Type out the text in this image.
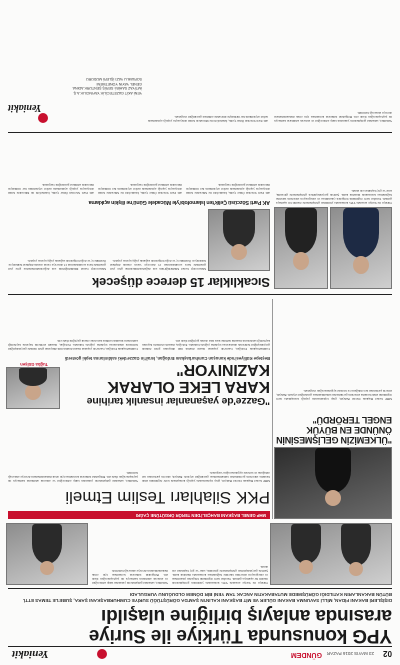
02
23 MAYIS 2016 PAZAR
GÜNDEM
Yeniakit
YPG konusunda Türkiye ile Suriye
arasında anlayış birliğine ulaşıldı
DIŞİŞLERİ BAKANI FİDAN, MİLLİ SAVUNMA BAKANI GÜLER VE MİT BAŞKANI KALIN'IN ŞAM'DA GÖRÜŞTÜĞÜ SURİYE CUMHURBAŞKANI ŞARA, ŞUBE'LE TEMAS ETTİ. BÜTÜN BAKANLARIN KATILDIĞI GÖRÜŞMEDE MUTABAKATIN ANCAK TAM YENİ BİR DÖNEM OLDUĞUNU VURGULADI
Türkiye ile Suriye arasında YPG konusunda yürütülen görüşmelerde önemli bir aşamaya gelindi. Taraflar terör örgütünün bölgeden çıkarılması ve entegrasyon sürecinin takvime bağlanması konusunda mutabık kaldı. Şam'da gerçekleştirilen görüşmelerde güvenlik, sınır ve göç başlıkları ele alındı.
Yetkililer, sahadaki gelişmelerin yakından takip edileceğini ve atılacak adımların kamuoyu ile paylaşılacağını ifade etti. Bölgedeki istikrarın korunması için ortak mekanizmaların devreye alınacağı belirtildi.
MHP GENEL BAŞKANI BAHÇELİ'DEN TERÖR ÖRGÜTÜNE ÇAĞRI
"ÜLKEMİZİN GELİŞMESİNİN ÖNÜNDE EN BÜYÜK ENGEL TERÖRDÜ"
MHP Genel Başkanı Devlet Bahçeli, grup toplantısında yaptığı konuşmada terör örgütünün silah bırakma sürecinin gecikmeden tamamlanması gerektiğini söyledi. Bahçeli, sürecin şartlarının net olduğunu ve tavizsiz uygulanacağını vurguladı.
PKK Silahları Teslim Etmeli
MHP Genel Başkanı Devlet Bahçeli, grup toplantısında yaptığı konuşmada terör örgütünün silah bırakma sürecinin gecikmeden tamamlanması gerektiğini söyledi. Bahçeli, sürecin şartlarının net olduğunu ve tavizsiz uygulanacağını vurguladı.
Yetkililer, sahadaki gelişmelerin yakından takip edileceğini ve atılacak adımların kamuoyu ile paylaşılacağını ifade etti. Bölgedeki istikrarın korunması için ortak mekanizmaların devreye alınacağı belirtildi.
Tuğba Gülşen
"Gazze'de yaşananlar insanlık tarihine
KARA LEKE OLARAK KAZINIYOR"
Beştepe Külliyesi'nde konuşan Cumhurbaşkanı Erdoğan, İsrail'in Gazze'deki saldırılarına tepki gösterdi
Cumhurbaşkanı Erdoğan, Gazze'de yaşanan insani dramın tüm dünyanın gözü önünde gerçekleştiğini belirterek uluslararası topluma çağrıda bulundu. Erdoğan, masum sivillerin hayatını kaybettiği saldırıların insanlık tarihine kara leke olarak geçtiğini ifade etti.
Cumhurbaşkanı Erdoğan, Gazze'de yaşanan insani dramın tüm dünyanın gözü önünde gerçekleştiğini belirterek uluslararası topluma çağrıda bulundu. Erdoğan, masum sivillerin hayatını kaybettiği saldırıların insanlık tarihine kara leke olarak geçtiğini ifade etti.
Türkiye ile Suriye arasında YPG konusunda yürütülen görüşmelerde önemli bir aşamaya gelindi. Taraflar terör örgütünün bölgeden çıkarılması ve entegrasyon sürecinin takvime bağlanması konusunda mutabık kaldı. Şam'da gerçekleştirilen görüşmelerde güvenlik, sınır ve göç başlıkları ele alındı.
Sıcaklıklar 15 derece düşecek
Meteoroloji Genel Müdürlüğü'nün son değerlendirmelerine göre yurt genelinde hava sıcaklıklarının 15 dereceye varan oranda düşmesi bekleniyor. Özellikle iç ve doğu bölgelerde sağanak yağış uyarısı yapıldı.
Meteoroloji Genel Müdürlüğü'nün son değerlendirmelerine göre yurt genelinde hava sıcaklıklarının 15 dereceye varan oranda düşmesi bekleniyor. Özellikle iç ve doğu bölgelerde sağanak yağış uyarısı yapıldı.
AK Parti Sözcüsü Çelik'ten İslamofobi'yle Mücadele Günü'ne ilişkin açıklama
AK Parti Sözcüsü Ömer Çelik, İslamofobi ile Mücadele Günü dolayısıyla yaptığı açıklamada nefret söyleminin her türlüsüyle mücadele edilmesi gerektiğini vurguladı.
AK Parti Sözcüsü Ömer Çelik, İslamofobi ile Mücadele Günü dolayısıyla yaptığı açıklamada nefret söyleminin her türlüsüyle mücadele edilmesi gerektiğini vurguladı.
AK Parti Sözcüsü Ömer Çelik, İslamofobi ile Mücadele Günü dolayısıyla yaptığı açıklamada nefret söyleminin her türlüsüyle mücadele edilmesi gerektiğini vurguladı.
Yeniakit
YENİ AKİT GAZETECİLİK YAYINCILIK A.Ş.
İMTİYAZ SAHİBİ: SERİŞ ŞENTÜRK ADINA
GENEL YAYIN YÖNETMENİ
SORUMLU YAZI İŞLERİ MÜDÜRÜ
Yetkililer, sahadaki gelişmelerin yakından takip edileceğini ve atılacak adımların kamuoyu ile paylaşılacağını ifade etti. Bölgedeki istikrarın korunması için ortak mekanizmaların devreye alınacağı belirtildi.
AK Parti Sözcüsü Ömer Çelik, İslamofobi ile Mücadele Günü dolayısıyla yaptığı açıklamada nefret söyleminin her türlüsüyle mücadele edilmesi gerektiğini vurguladı.
